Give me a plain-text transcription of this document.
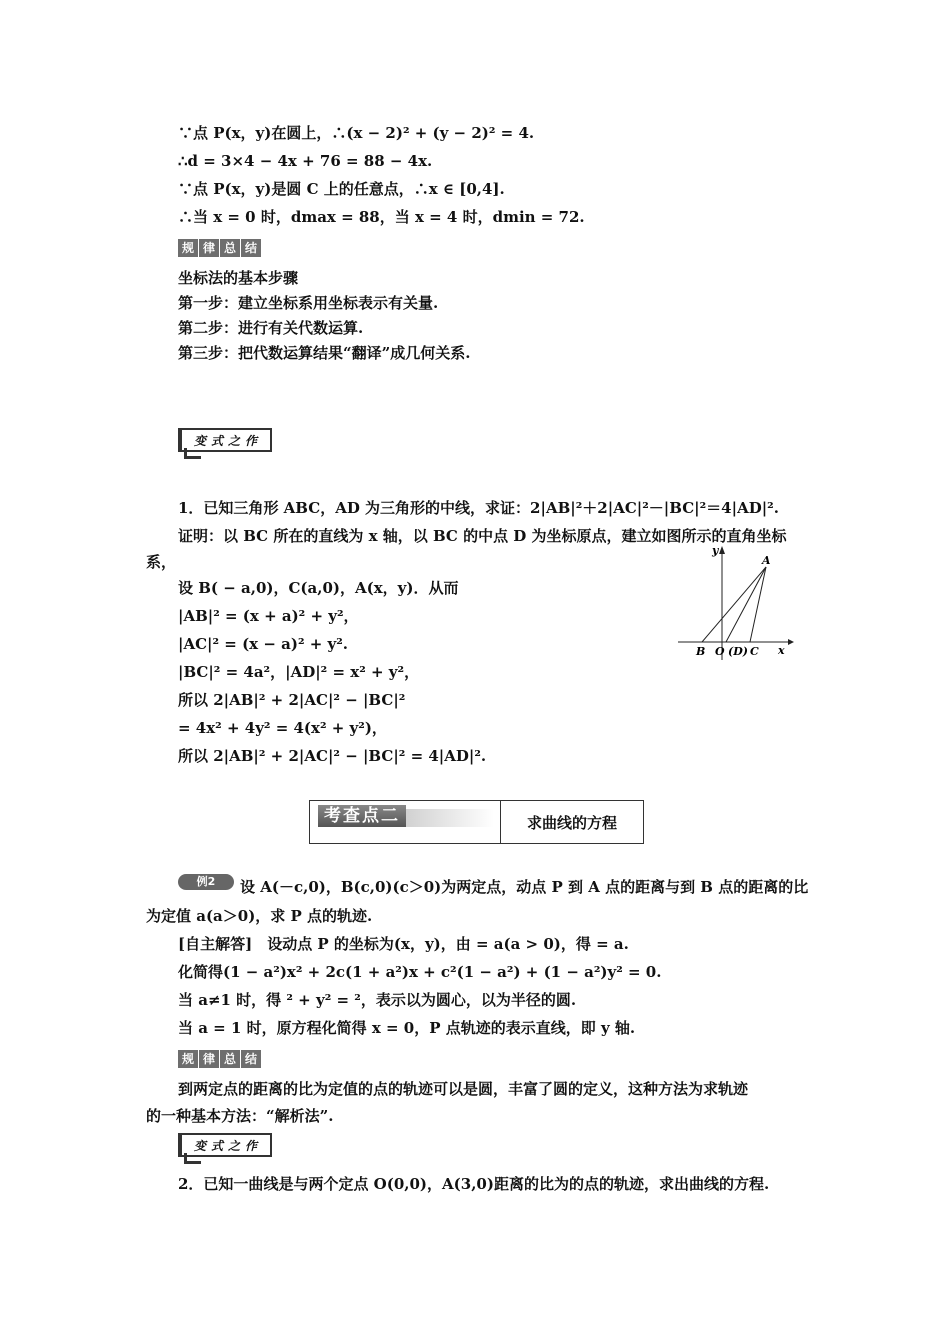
∵点 P(x，y)在圆上，∴(x − 2)² + (y − 2)² = 4.
∴d = 3×4 − 4x + 76 = 88 − 4x.
∵点 P(x，y)是圆 C 上的任意点，∴x ∈ [0,4].
∴当 x = 0 时，dmax = 88，当 x = 4 时，dmin = 72.
规 律 总 结
坐标法的基本步骤
第一步：建立坐标系用坐标表示有关量.
第二步：进行有关代数运算.
第三步：把代数运算结果“翻译”成几何关系.
变 式 之 作
1．已知三角形 ABC，AD 为三角形的中线，求证：2|AB|²＋2|AC|²－|BC|²＝4|AD|².
证明：以 BC 所在的直线为 x 轴，以 BC 的中点 D 为坐标原点，建立如图所示的直角坐标
系，
设 B( − a,0)，C(a,0)，A(x，y)．从而
|AB|² = (x + a)² + y²，
|AC|² = (x − a)² + y².
|BC|² = 4a²，|AD|² = x² + y²，
所以 2|AB|² + 2|AC|² − |BC|²
= 4x² + 4y² = 4(x² + y²)，
所以 2|AB|² + 2|AC|² − |BC|² = 4|AD|².
y
x
A
B O (D) C
考查点二	求曲线的方程
例2	设 A(－c,0)，B(c,0)(c＞0)为两定点，动点 P 到 A 点的距离与到 B 点的距离的比
为定值 a(a＞0)，求 P 点的轨迹.
[自主解答]　设动点 P 的坐标为(x，y)，由 = a(a > 0)，得 = a.
化简得(1 − a²)x² + 2c(1 + a²)x + c²(1 − a²) + (1 − a²)y² = 0.
当 a≠1 时，得 ² + y² = ²，表示以为圆心，以为半径的圆.
当 a = 1 时，原方程化简得 x = 0，P 点轨迹的表示直线，即 y 轴.
规 律 总 结
到两定点的距离的比为定值的点的轨迹可以是圆，丰富了圆的定义，这种方法为求轨迹
的一种基本方法：“解析法”.
变 式 之 作
2．已知一曲线是与两个定点 O(0,0)，A(3,0)距离的比为的点的轨迹，求出曲线的方程.
